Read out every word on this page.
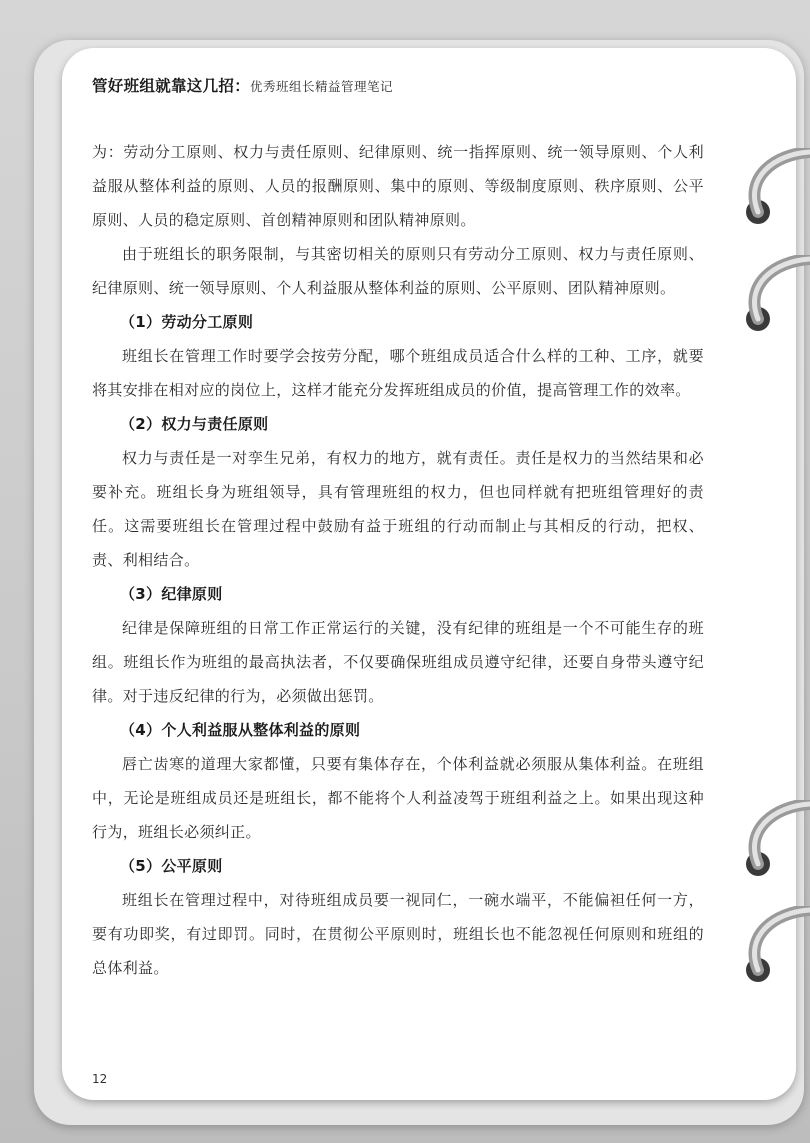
管好班组就靠这几招：优秀班组长精益管理笔记

为：劳动分工原则、权力与责任原则、纪律原则、统一指挥原则、统一领导原则、个人利益服从整体利益的原则、人员的报酬原则、集中的原则、等级制度原则、秩序原则、公平原则、人员的稳定原则、首创精神原则和团队精神原则。

由于班组长的职务限制，与其密切相关的原则只有劳动分工原则、权力与责任原则、纪律原则、统一领导原则、个人利益服从整体利益的原则、公平原则、团队精神原则。

（1）劳动分工原则

班组长在管理工作时要学会按劳分配，哪个班组成员适合什么样的工种、工序，就要将其安排在相对应的岗位上，这样才能充分发挥班组成员的价值，提高管理工作的效率。

（2）权力与责任原则

权力与责任是一对孪生兄弟，有权力的地方，就有责任。责任是权力的当然结果和必要补充。班组长身为班组领导，具有管理班组的权力，但也同样就有把班组管理好的责任。这需要班组长在管理过程中鼓励有益于班组的行动而制止与其相反的行动，把权、责、利相结合。

（3）纪律原则

纪律是保障班组的日常工作正常运行的关键，没有纪律的班组是一个不可能生存的班组。班组长作为班组的最高执法者，不仅要确保班组成员遵守纪律，还要自身带头遵守纪律。对于违反纪律的行为，必须做出惩罚。

（4）个人利益服从整体利益的原则

唇亡齿寒的道理大家都懂，只要有集体存在，个体利益就必须服从集体利益。在班组中，无论是班组成员还是班组长，都不能将个人利益凌驾于班组利益之上。如果出现这种行为，班组长必须纠正。

（5）公平原则

班组长在管理过程中，对待班组成员要一视同仁，一碗水端平，不能偏袒任何一方，要有功即奖，有过即罚。同时，在贯彻公平原则时，班组长也不能忽视任何原则和班组的总体利益。

12
